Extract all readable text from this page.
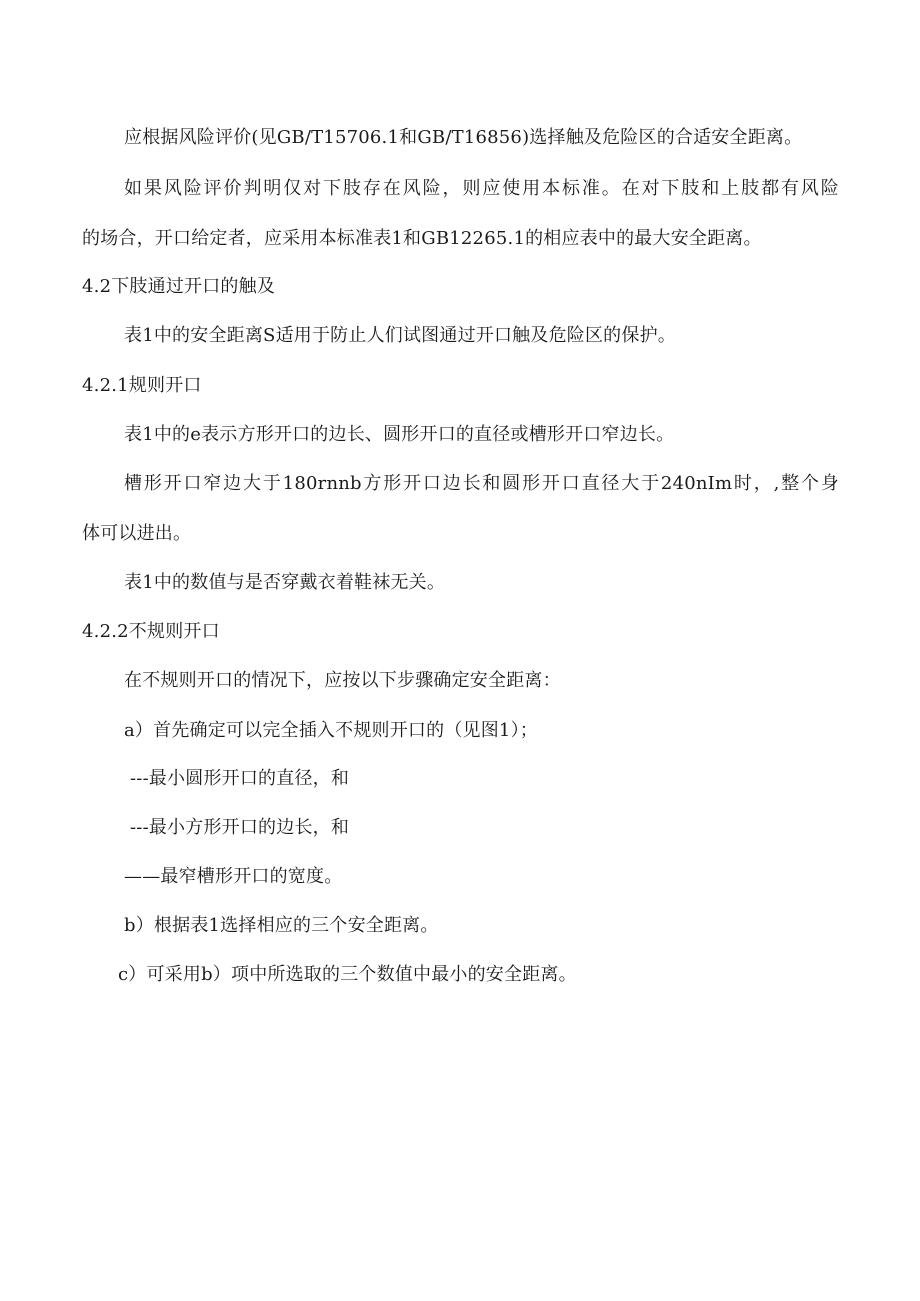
应根据风险评价(见GB/T15706.1和GB/T16856)选择触及危险区的合适安全距离。
如果风险评价判明仅对下肢存在风险，则应使用本标准。在对下肢和上肢都有风险
的场合，开口给定者，应采用本标准表1和GB12265.1的相应表中的最大安全距离。
4.2下肢通过开口的触及
表1中的安全距离S适用于防止人们试图通过开口触及危险区的保护。
4.2.1规则开口
表1中的e表示方形开口的边长、圆形开口的直径或槽形开口窄边长。
槽形开口窄边大于180rnnb方形开口边长和圆形开口直径大于240nIm时，,整个身
体可以进出。
表1中的数值与是否穿戴衣着鞋袜无关。
4.2.2不规则开口
在不规则开口的情况下，应按以下步骤确定安全距离：
a）首先确定可以完全插入不规则开口的（见图1）；
---最小圆形开口的直径，和
---最小方形开口的边长，和
——最窄槽形开口的宽度。
b）根据表1选择相应的三个安全距离。
c）可采用b）项中所选取的三个数值中最小的安全距离。
